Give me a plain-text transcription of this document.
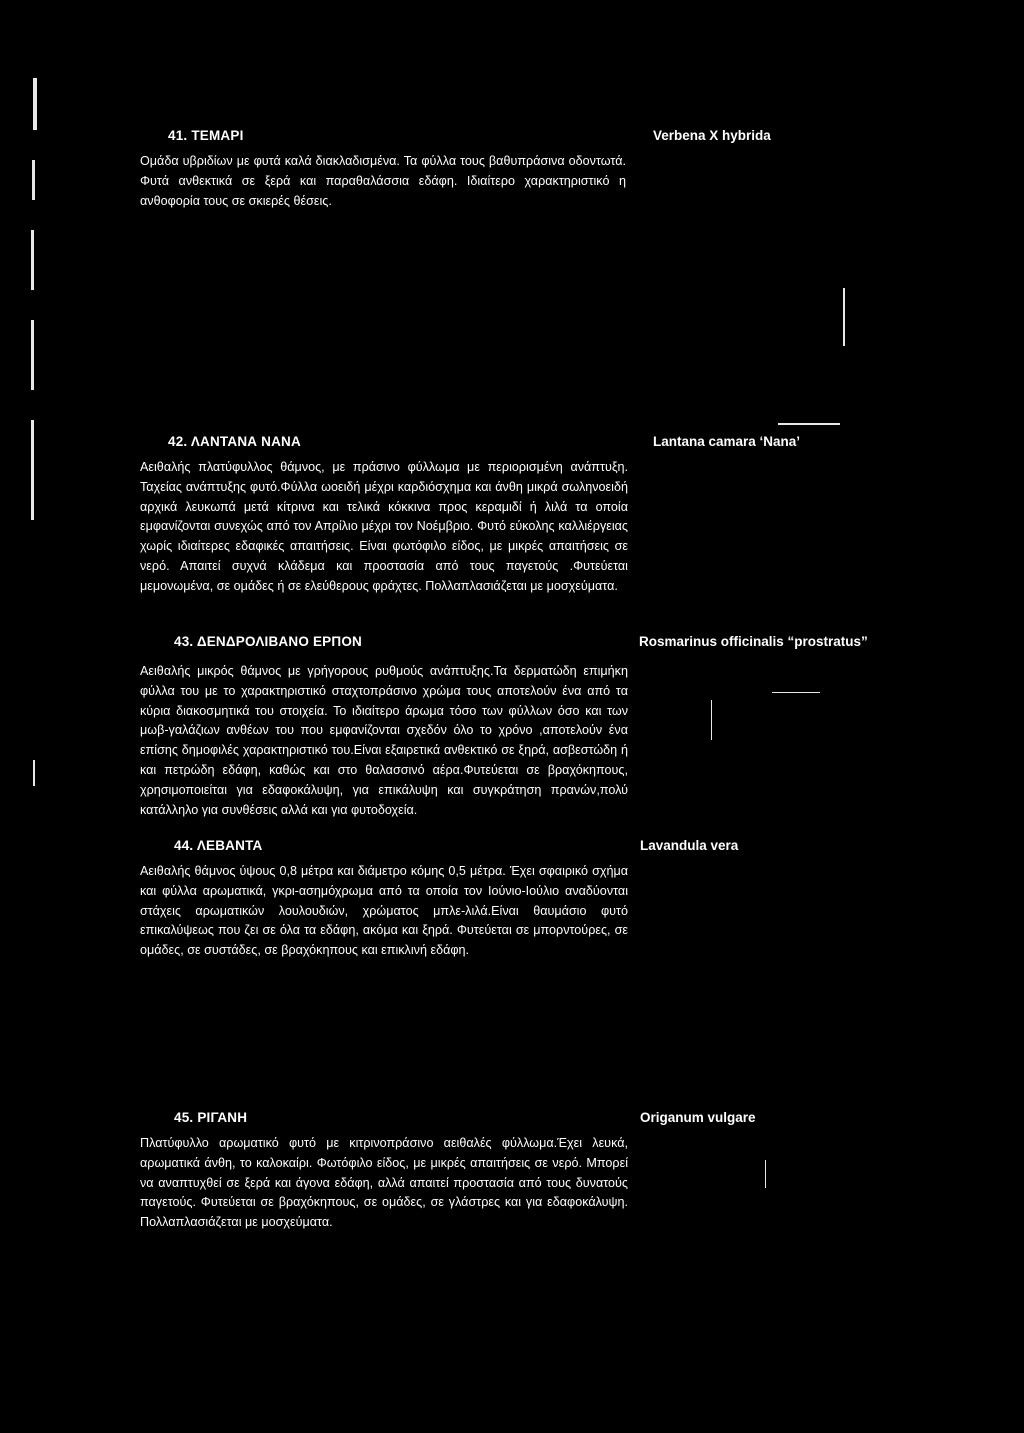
41. ΤΕΜΑΡΙ	Verbena X hybrida
Ομάδα υβριδίων με φυτά καλά διακλαδισμένα. Τα φύλλα τους βαθυπράσινα οδοντωτά. Φυτά ανθεκτικά σε ξερά και παραθαλάσσια εδάφη. Ιδιαίτερο χαρακτηριστικό η ανθοφορία τους σε σκιερές θέσεις.
42. ΛΑΝΤΑΝΑ ΝΑΝΑ	Lantana camara ‘Nana’
Αειθαλής πλατύφυλλος θάμνος, με πράσινο φύλλωμα με περιορισμένη ανάπτυξη. Ταχείας ανάπτυξης φυτό.Φύλλα ωοειδή μέχρι καρδιόσχημα και άνθη μικρά σωληνοειδή αρχικά λευκωπά μετά κίτρινα και τελικά κόκκινα προς κεραμιδί ή λιλά τα οποία εμφανίζονται συνεχώς από τον Απρίλιο μέχρι τον Νοέμβριο. Φυτό εύκολης καλλιέργειας χωρίς ιδιαίτερες εδαφικές απαιτήσεις. Είναι φωτόφιλο είδος, με μικρές απαιτήσεις σε νερό. Απαιτεί συχνά κλάδεμα και προστασία από τους παγετούς .Φυτεύεται μεμονωμένα, σε ομάδες ή σε ελεύθερους φράχτες. Πολλαπλασιάζεται με μοσχεύματα.
43. ΔΕΝΔΡΟΛΙΒΑΝΟ ΕΡΠΟΝ	Rosmarinus officinalis “prostratus”
Αειθαλής μικρός θάμνος με γρήγορους ρυθμούς ανάπτυξης.Τα δερματώδη επιμήκη φύλλα του με το χαρακτηριστικό σταχτοπράσινο χρώμα τους αποτελούν ένα από τα κύρια διακοσμητικά του στοιχεία. Το ιδιαίτερο άρωμα τόσο των φύλλων όσο και των μωβ-γαλάζιων ανθέων του που εμφανίζονται σχεδόν όλο το χρόνο ,αποτελούν ένα επίσης δημοφιλές χαρακτηριστικό του.Είναι εξαιρετικά ανθεκτικό σε ξηρά, ασβεστώδη ή και πετρώδη εδάφη, καθώς και στο θαλασσινό αέρα.Φυτεύεται σε βραχόκηπους, χρησιμοποιείται για εδαφοκάλυψη, για επικάλυψη και συγκράτηση πρανών,πολύ κατάλληλο για συνθέσεις αλλά και για φυτοδοχεία.
44. ΛΕΒΑΝΤΑ	Lavandula vera
Αειθαλής θάμνος ύψους 0,8 μέτρα και διάμετρο κόμης 0,5 μέτρα. Έχει σφαιρικό σχήμα και φύλλα αρωματικά, γκρι-ασημόχρωμα από τα οποία τον Ιούνιο-Ιούλιο αναδύονται στάχεις αρωματικών λουλουδιών, χρώματος μπλε-λιλά.Είναι θαυμάσιο φυτό επικαλύψεως που ζει σε όλα τα εδάφη, ακόμα και ξηρά. Φυτεύεται σε μπορντούρες, σε ομάδες, σε συστάδες, σε βραχόκηπους και επικλινή εδάφη.
45. ΡΙΓΑΝΗ	Origanum vulgare
Πλατύφυλλο αρωματικό φυτό με κιτρινοπράσινο αειθαλές φύλλωμα.Έχει λευκά, αρωματικά άνθη, το καλοκαίρι. Φωτόφιλο είδος, με μικρές απαιτήσεις σε νερό. Μπορεί να αναπτυχθεί σε ξερά και άγονα εδάφη, αλλά απαιτεί προστασία από τους δυνατούς παγετούς. Φυτεύεται σε βραχόκηπους, σε ομάδες, σε γλάστρες και για εδαφοκάλυψη. Πολλαπλασιάζεται με μοσχεύματα.
